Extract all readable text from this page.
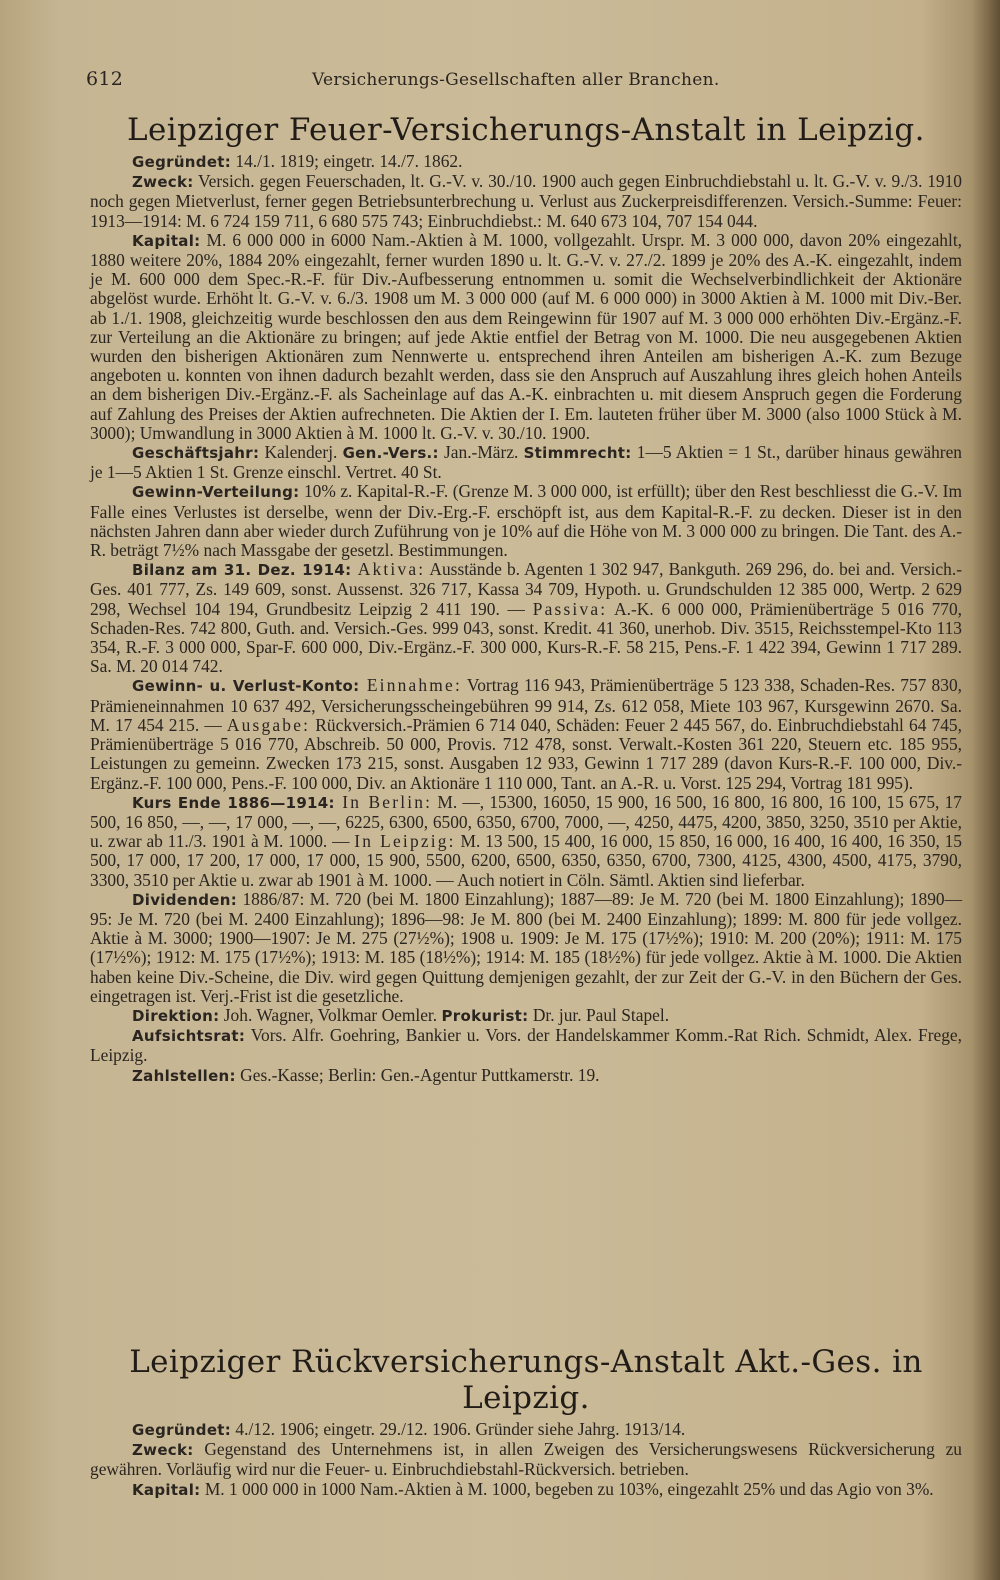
612	Versicherungs-Gesellschaften aller Branchen.
Leipziger Feuer-Versicherungs-Anstalt in Leipzig.

Gegründet: 14./1. 1819; eingetr. 14./7. 1862.

Zweck: Versich. gegen Feuerschaden, lt. G.-V. v. 30./10. 1900 auch gegen Einbruchdiebstahl u. lt. G.-V. v. 9./3. 1910 noch gegen Mietverlust, ferner gegen Betriebsunterbrechung u. Verlust aus Zuckerpreisdifferenzen. Versich.-Summe: Feuer: 1913—1914: M. 6 724 159 711, 6 680 575 743; Einbruchdiebst.: M. 640 673 104, 707 154 044.

Kapital: M. 6 000 000 in 6000 Nam.-Aktien à M. 1000, vollgezahlt. Urspr. M. 3 000 000, davon 20% eingezahlt, 1880 weitere 20%, 1884 20% eingezahlt, ferner wurden 1890 u. lt. G.-V. v. 27./2. 1899 je 20% des A.-K. eingezahlt, indem je M. 600 000 dem Spec.-R.-F. für Div.-Aufbesserung entnommen u. somit die Wechselverbindlichkeit der Aktionäre abgelöst wurde. Erhöht lt. G.-V. v. 6./3. 1908 um M. 3 000 000 (auf M. 6 000 000) in 3000 Aktien à M. 1000 mit Div.-Ber. ab 1./1. 1908, gleichzeitig wurde beschlossen den aus dem Reingewinn für 1907 auf M. 3 000 000 erhöhten Div.-Ergänz.-F. zur Verteilung an die Aktionäre zu bringen; auf jede Aktie entfiel der Betrag von M. 1000. Die neu ausgegebenen Aktien wurden den bisherigen Aktionären zum Nennwerte u. entsprechend ihren Anteilen am bisherigen A.-K. zum Bezuge angeboten u. konnten von ihnen dadurch bezahlt werden, dass sie den Anspruch auf Auszahlung ihres gleich hohen Anteils an dem bisherigen Div.-Ergänz.-F. als Sacheinlage auf das A.-K. einbrachten u. mit diesem Anspruch gegen die Forderung auf Zahlung des Preises der Aktien aufrechneten. Die Aktien der I. Em. lauteten früher über M. 3000 (also 1000 Stück à M. 3000); Umwandlung in 3000 Aktien à M. 1000 lt. G.-V. v. 30./10. 1900.

Geschäftsjahr: Kalenderj. Gen.-Vers.: Jan.-März. Stimmrecht: 1—5 Aktien = 1 St., darüber hinaus gewähren je 1—5 Aktien 1 St. Grenze einschl. Vertret. 40 St.

Gewinn-Verteilung: 10% z. Kapital-R.-F. (Grenze M. 3 000 000, ist erfüllt); über den Rest beschliesst die G.-V. Im Falle eines Verlustes ist derselbe, wenn der Div.-Erg.-F. erschöpft ist, aus dem Kapital-R.-F. zu decken. Dieser ist in den nächsten Jahren dann aber wieder durch Zuführung von je 10% auf die Höhe von M. 3 000 000 zu bringen. Die Tant. des A.-R. beträgt 7½% nach Massgabe der gesetzl. Bestimmungen.

Bilanz am 31. Dez. 1914: Aktiva: Ausstände b. Agenten 1 302 947, Bankguth. 269 296, do. bei and. Versich.-Ges. 401 777, Zs. 149 609, sonst. Aussenst. 326 717, Kassa 34 709, Hypoth. u. Grundschulden 12 385 000, Wertp. 2 629 298, Wechsel 104 194, Grundbesitz Leipzig 2 411 190. — Passiva: A.-K. 6 000 000, Prämienüberträge 5 016 770, Schaden-Res. 742 800, Guth. and. Versich.-Ges. 999 043, sonst. Kredit. 41 360, unerhob. Div. 3515, Reichsstempel-Kto 113 354, R.-F. 3 000 000, Spar-F. 600 000, Div.-Ergänz.-F. 300 000, Kurs-R.-F. 58 215, Pens.-F. 1 422 394, Gewinn 1 717 289. Sa. M. 20 014 742.

Gewinn- u. Verlust-Konto: Einnahme: Vortrag 116 943, Prämienüberträge 5 123 338, Schaden-Res. 757 830, Prämieneinnahmen 10 637 492, Versicherungsscheingebühren 99 914, Zs. 612 058, Miete 103 967, Kursgewinn 2670. Sa. M. 17 454 215. — Ausgabe: Rückversich.-Prämien 6 714 040, Schäden: Feuer 2 445 567, do. Einbruchdiebstahl 64 745, Prämienüberträge 5 016 770, Abschreib. 50 000, Provis. 712 478, sonst. Verwalt.-Kosten 361 220, Steuern etc. 185 955, Leistungen zu gemeinn. Zwecken 173 215, sonst. Ausgaben 12 933, Gewinn 1 717 289 (davon Kurs-R.-F. 100 000, Div.-Ergänz.-F. 100 000, Pens.-F. 100 000, Div. an Aktionäre 1 110 000, Tant. an A.-R. u. Vorst. 125 294, Vortrag 181 995).

Kurs Ende 1886—1914: In Berlin: M. —, 15300, 16050, 15 900, 16 500, 16 800, 16 800, 16 100, 15 675, 17 500, 16 850, —, —, 17 000, —, —, 6225, 6300, 6500, 6350, 6700, 7000, —, 4250, 4475, 4200, 3850, 3250, 3510 per Aktie, u. zwar ab 11./3. 1901 à M. 1000. — In Leipzig: M. 13 500, 15 400, 16 000, 15 850, 16 000, 16 400, 16 400, 16 350, 15 500, 17 000, 17 200, 17 000, 17 000, 15 900, 5500, 6200, 6500, 6350, 6350, 6700, 7300, 4125, 4300, 4500, 4175, 3790, 3300, 3510 per Aktie u. zwar ab 1901 à M. 1000. — Auch notiert in Cöln. Sämtl. Aktien sind lieferbar.

Dividenden: 1886/87: M. 720 (bei M. 1800 Einzahlung); 1887—89: Je M. 720 (bei M. 1800 Einzahlung); 1890—95: Je M. 720 (bei M. 2400 Einzahlung); 1896—98: Je M. 800 (bei M. 2400 Einzahlung); 1899: M. 800 für jede vollgez. Aktie à M. 3000; 1900—1907: Je M. 275 (27½%); 1908 u. 1909: Je M. 175 (17½%); 1910: M. 200 (20%); 1911: M. 175 (17½%); 1912: M. 175 (17½%); 1913: M. 185 (18½%); 1914: M. 185 (18½%) für jede vollgez. Aktie à M. 1000. Die Aktien haben keine Div.-Scheine, die Div. wird gegen Quittung demjenigen gezahlt, der zur Zeit der G.-V. in den Büchern der Ges. eingetragen ist. Verj.-Frist ist die gesetzliche.

Direktion: Joh. Wagner, Volkmar Oemler. Prokurist: Dr. jur. Paul Stapel.

Aufsichtsrat: Vors. Alfr. Goehring, Bankier u. Vors. der Handelskammer Komm.-Rat Rich. Schmidt, Alex. Frege, Leipzig.

Zahlstellen: Ges.-Kasse; Berlin: Gen.-Agentur Puttkamerstr. 19.

Leipziger Rückversicherungs-Anstalt Akt.-Ges. in Leipzig.

Gegründet: 4./12. 1906; eingetr. 29./12. 1906. Gründer siehe Jahrg. 1913/14.

Zweck: Gegenstand des Unternehmens ist, in allen Zweigen des Versicherungswesens Rückversicherung zu gewähren. Vorläufig wird nur die Feuer- u. Einbruchdiebstahl-Rückversich. betrieben.

Kapital: M. 1 000 000 in 1000 Nam.-Aktien à M. 1000, begeben zu 103%, eingezahlt 25% und das Agio von 3%.
